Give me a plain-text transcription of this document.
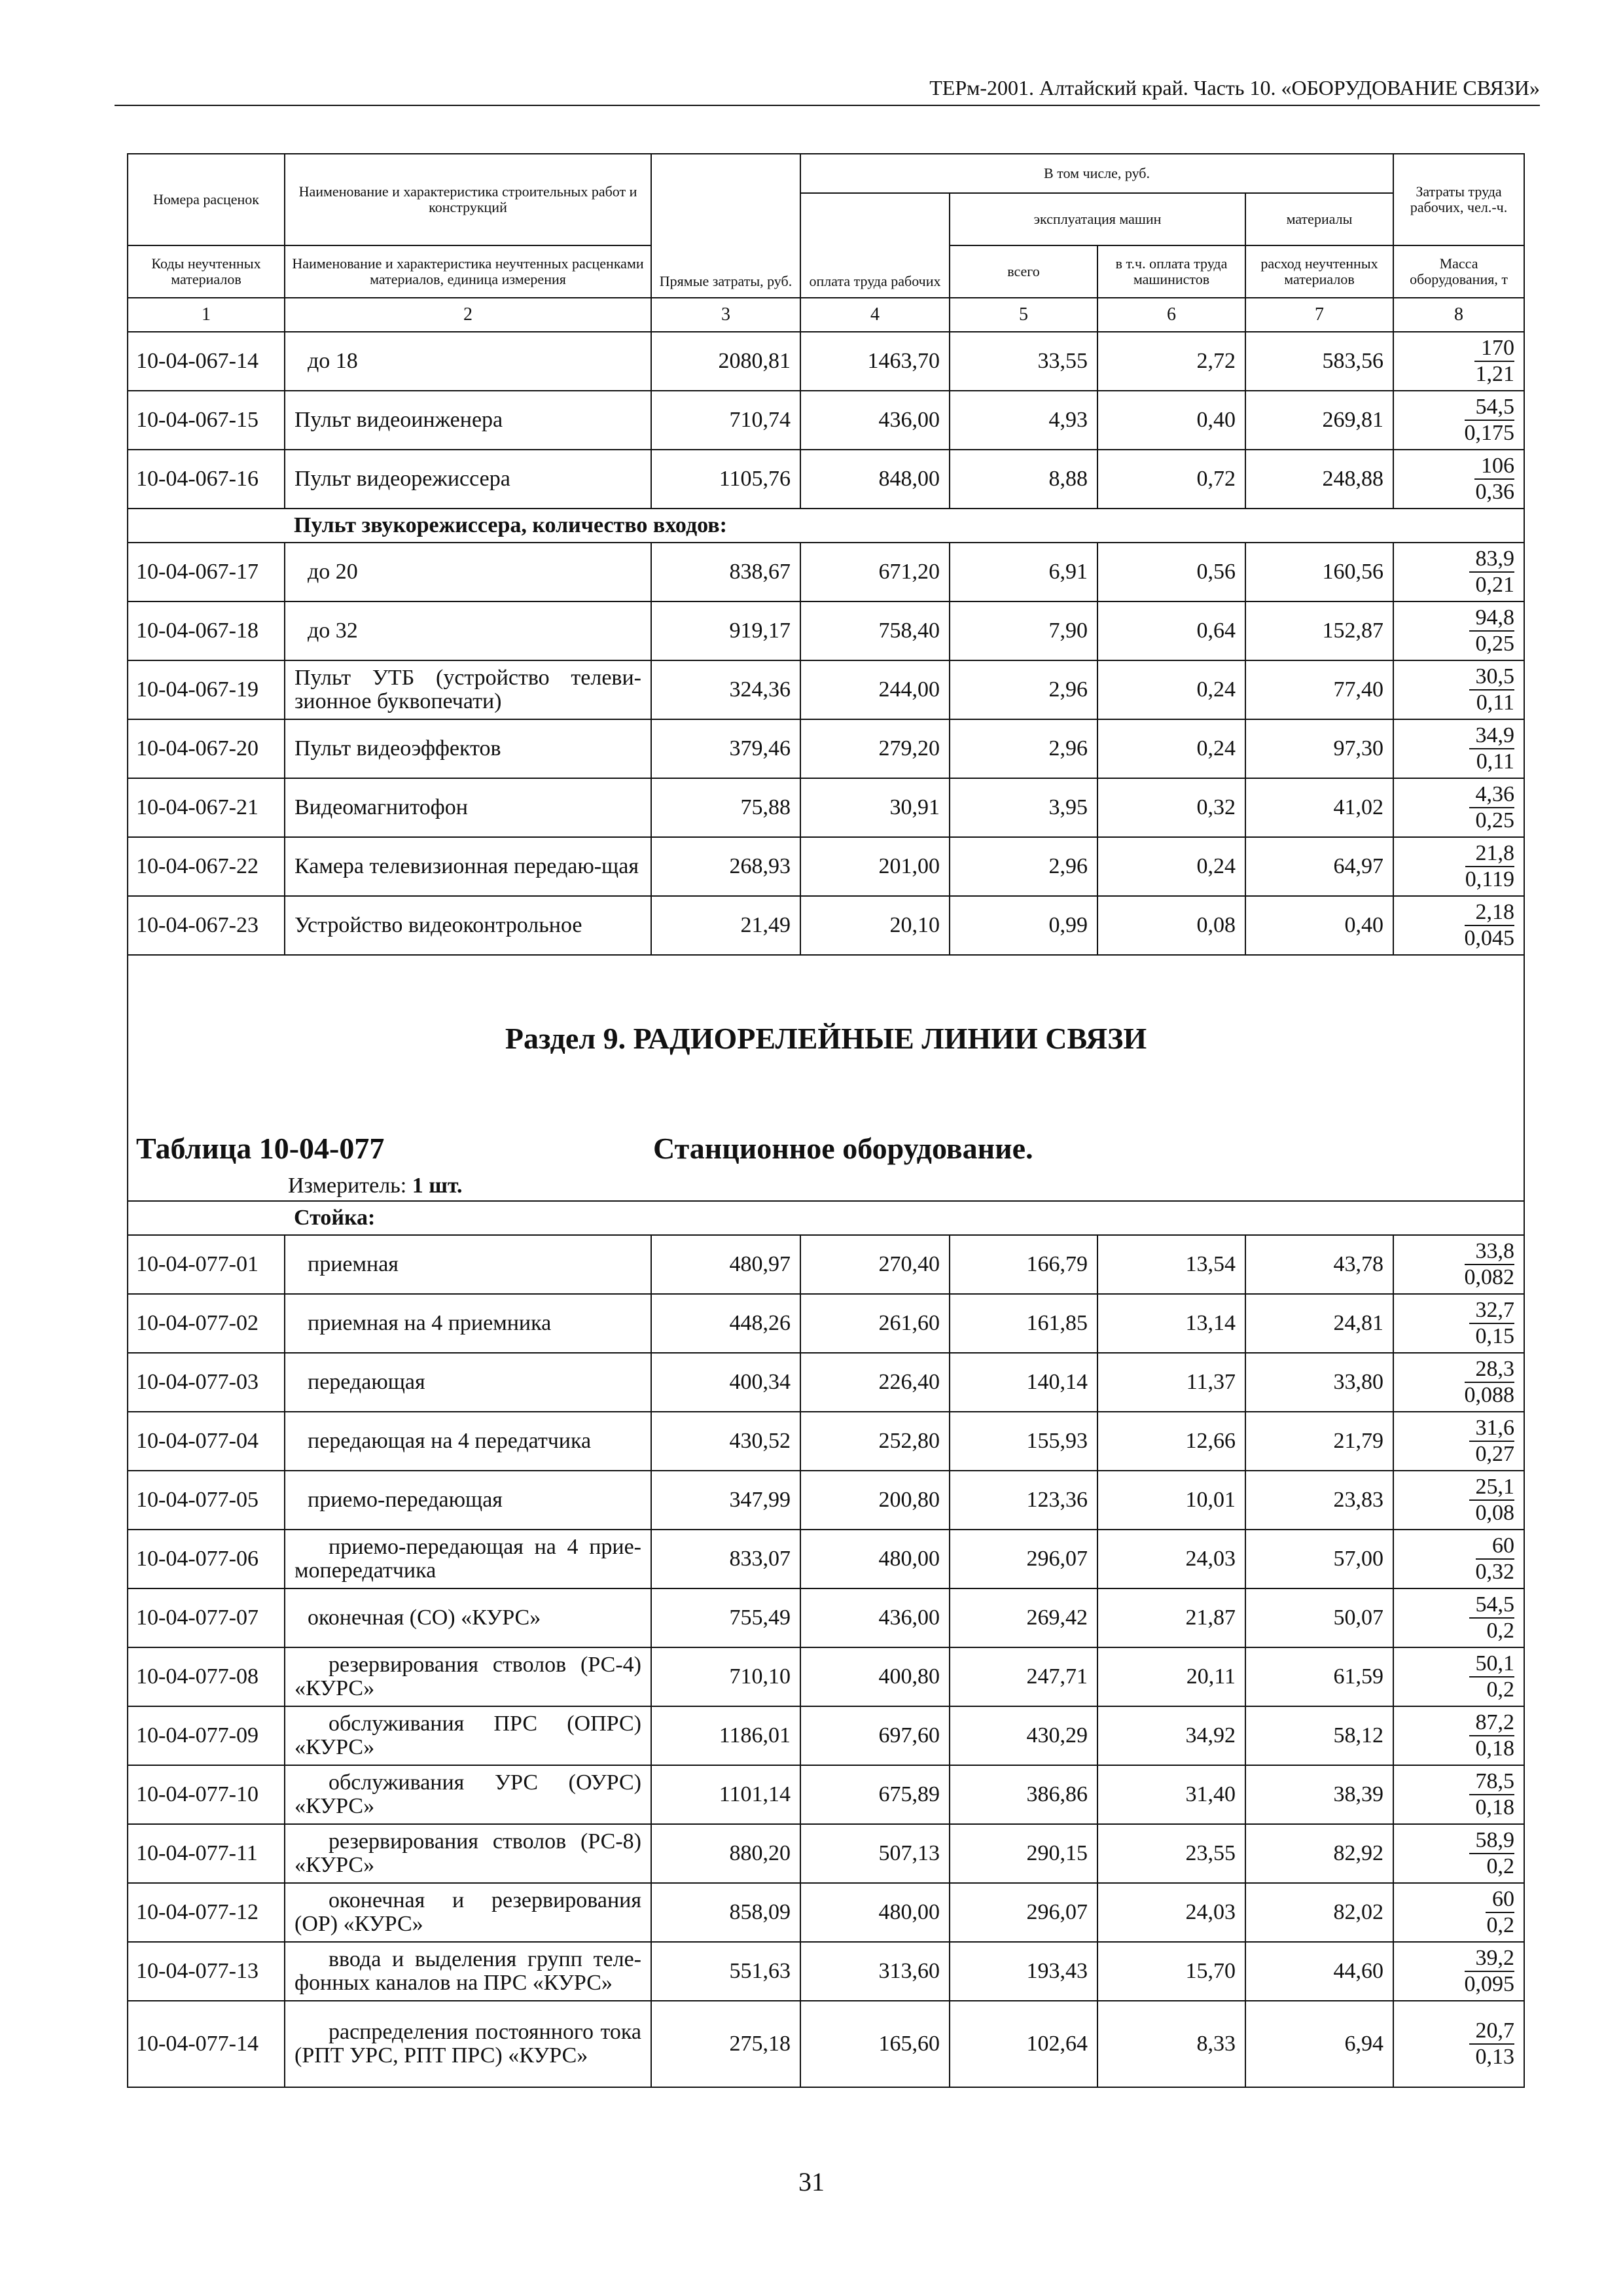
ТЕРм-2001. Алтайский край. Часть 10. «ОБОРУДОВАНИЕ СВЯЗИ»
Номера расценок	Наименование и характеристика строительных работ и конструкций	Прямые затраты, руб.	В том числе, руб.				Затраты труда рабочих, чел.-ч.
			оплата труда рабочих	эксплуатация машин		материалы	
Коды неучтенных материалов	Наименование и характеристика неучтенных расценками материалов, единица измерения			всего	в т.ч. оплата труда машинистов	расход неучтенных материалов	Масса оборудования, т
1	2	3	4	5	6	7	8
10-04-067-14	до 18	2080,81	1463,70	33,55	2,72	583,56	$\frac{170}{1,21}$

10-04-067-15	Пульт видеоинженера	710,74	436,00	4,93	0,40	269,81	$\frac{54,5}{0,175}$

10-04-067-16	Пульт видеорежиссера	1105,76	848,00	8,88	0,72	248,88	$\frac{106}{0,36}$

	Пульт звукорежиссера, количество входов:						
10-04-067-17	до 20	838,67	671,20	6,91	0,56	160,56	$\frac{83,9}{0,21}$

10-04-067-18	до 32	919,17	758,40	7,90	0,64	152,87	$\frac{94,8}{0,25}$

10-04-067-19	Пульт УТБ (устройство телеви-зионное буквопечати)	324,36	244,00	2,96	0,24	77,40	$\frac{30,5}{0,11}$

10-04-067-20	Пульт видеоэффектов	379,46	279,20	2,96	0,24	97,30	$\frac{34,9}{0,11}$

10-04-067-21	Видеомагнитофон	75,88	30,91	3,95	0,32	41,02	$\frac{4,36}{0,25}$

10-04-067-22	Камера телевизионная передаю-щая	268,93	201,00	2,96	0,24	64,97	$\frac{21,8}{0,119}$

10-04-067-23	Устройство видеоконтрольное	21,49	20,10	0,99	0,08	0,40	$\frac{2,18}{0,045}$

Раздел 9. РАДИОРЕЛЕЙНЫЕ ЛИНИИ СВЯЗИ							
Таблица 10-04-077 Станционное оборудование.							
Измеритель: 1 шт.							
	Стойка:						
10-04-077-01	приемная	480,97	270,40	166,79	13,54	43,78	$\frac{33,8}{0,082}$

10-04-077-02	приемная на 4 приемника	448,26	261,60	161,85	13,14	24,81	$\frac{32,7}{0,15}$

10-04-077-03	передающая	400,34	226,40	140,14	11,37	33,80	$\frac{28,3}{0,088}$

10-04-077-04	передающая на 4 передатчика	430,52	252,80	155,93	12,66	21,79	$\frac{31,6}{0,27}$

10-04-077-05	приемо-передающая	347,99	200,80	123,36	10,01	23,83	$\frac{25,1}{0,08}$

10-04-077-06	приемо-передающая на 4 прие-мопередатчика	833,07	480,00	296,07	24,03	57,00	$\frac{60}{0,32}$

10-04-077-07	оконечная (СО) «КУРС»	755,49	436,00	269,42	21,87	50,07	$\frac{54,5}{0,2}$

10-04-077-08	резервирования стволов (РС-4) «КУРС»	710,10	400,80	247,71	20,11	61,59	$\frac{50,1}{0,2}$

10-04-077-09	обслуживания ПРС (ОПРС) «КУРС»	1186,01	697,60	430,29	34,92	58,12	$\frac{87,2}{0,18}$

10-04-077-10	обслуживания УРС (ОУРС) «КУРС»	1101,14	675,89	386,86	31,40	38,39	$\frac{78,5}{0,18}$

10-04-077-11	резервирования стволов (РС-8) «КУРС»	880,20	507,13	290,15	23,55	82,92	$\frac{58,9}{0,2}$

10-04-077-12	оконечная и резервирования (ОР) «КУРС»	858,09	480,00	296,07	24,03	82,02	$\frac{60}{0,2}$

10-04-077-13	ввода и выделения групп теле-фонных каналов на ПРС «КУРС»	551,63	313,60	193,43	15,70	44,60	$\frac{39,2}{0,095}$

10-04-077-14	распределения постоянного тока (РПТ УРС, РПТ ПРС) «КУРС»	275,18	165,60	102,64	8,33	6,94	$\frac{20,7}{0,13}$
31
